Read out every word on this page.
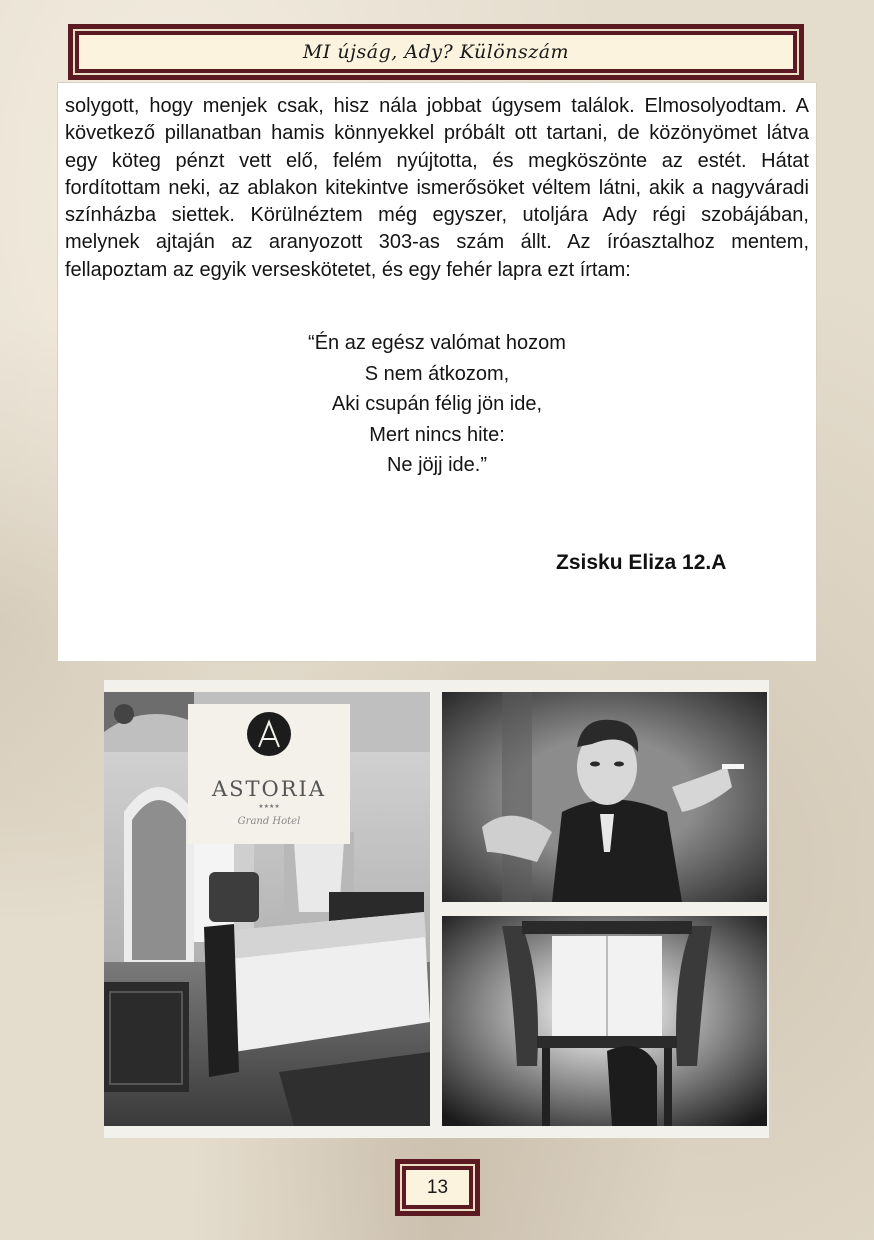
MI újság, Ady? Különszám

solygott, hogy menjek csak, hisz nála jobbat úgysem találok. Elmosolyodtam. A következő pillanatban hamis könnyekkel próbált ott tartani, de közönyömet látva egy köteg pénzt vett elő, felém nyújtotta, és megköszönte az estét. Hátat fordítottam neki, az ablakon kitekintve ismerősöket véltem látni, akik a nagyváradi színházba siettek. Körülnéztem még egyszer, utoljára Ady régi szobájában, melynek ajtaján az aranyozott 303-as szám állt. Az íróasztalhoz mentem, fellapoztam az egyik verseskötetet, és egy fehér lapra ezt írtam:

“Én az egész valómat hozom
S nem átkozom,
Aki csupán félig jön ide,
Mert nincs hite:
Ne jöjj ide.”
Zsisku Eliza 12.A
ASTORIA
★★★★
Grand Hotel
13
